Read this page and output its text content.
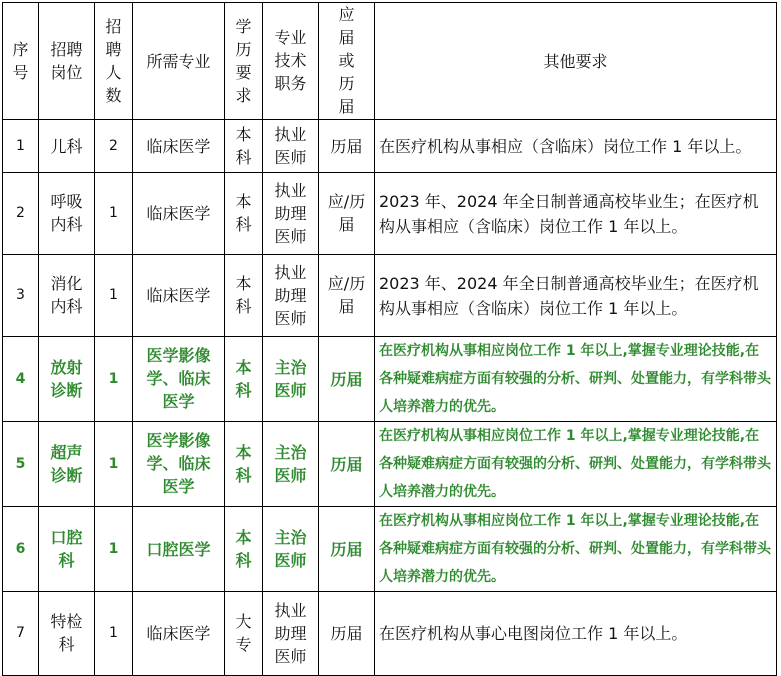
序号	招聘岗位	招聘人数	所需专业	学历要求	专业技术职务	应届或历届	其他要求
1	儿科	2	临床医学	本科	执业医师	历届	在医疗机构从事相应（含临床）岗位工作 1 年以上。
2	呼吸内科	1	临床医学	本科	执业助理医师	应/历届	2023 年、2024 年全日制普通高校毕业生；在医疗机构从事相应（含临床）岗位工作 1 年以上。
3	消化内科	1	临床医学	本科	执业助理医师	应/历届	2023 年、2024 年全日制普通高校毕业生；在医疗机构从事相应（含临床）岗位工作 1 年以上。
4	放射诊断	1	医学影像学、临床医学	本科	主治医师	历届	在医疗机构从事相应岗位工作 1 年以上,掌握专业理论技能,在各种疑难病症方面有较强的分析、研判、处置能力，有学科带头人培养潜力的优先。
5	超声诊断	1	医学影像学、临床医学	本科	主治医师	历届	在医疗机构从事相应岗位工作 1 年以上,掌握专业理论技能,在各种疑难病症方面有较强的分析、研判、处置能力，有学科带头人培养潜力的优先。
6	口腔科	1	口腔医学	本科	主治医师	历届	在医疗机构从事相应岗位工作 1 年以上,掌握专业理论技能,在各种疑难病症方面有较强的分析、研判、处置能力，有学科带头人培养潜力的优先。
7	特检科	1	临床医学	大专	执业助理医师	历届	在医疗机构从事心电图岗位工作 1 年以上。
